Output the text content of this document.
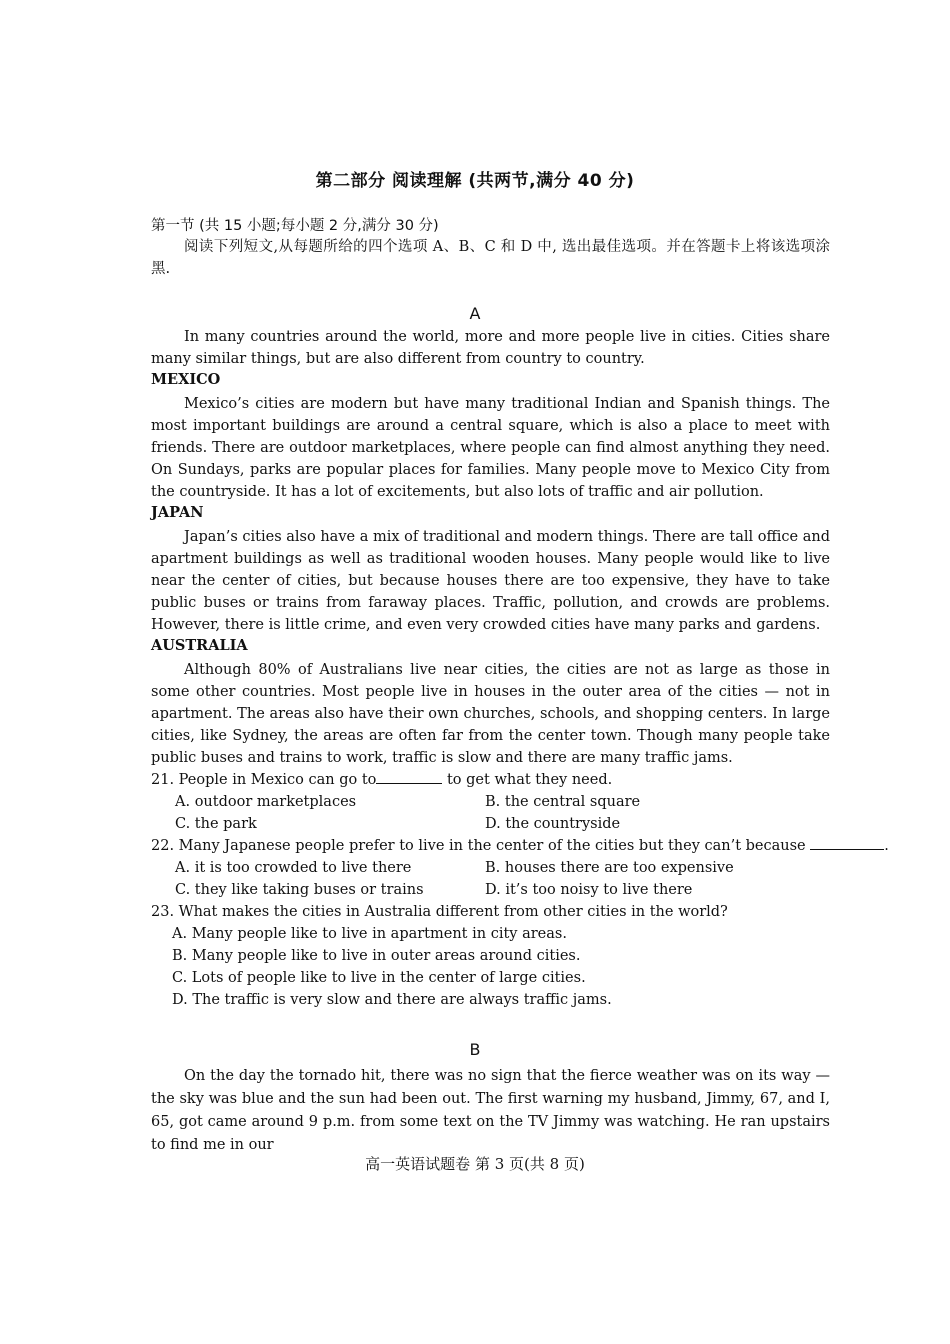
第二部分 阅读理解 (共两节,满分 40 分)
第一节 (共 15 小题;每小题 2 分,满分 30 分)
阅读下列短文,从每题所给的四个选项 A、B、C 和 D 中, 选出最佳选项。并在答题卡上将该选项涂黑.
A
In many countries around the world, more and more people live in cities. Cities share many similar things, but are also different from country to country.
MEXICO
Mexico’s cities are modern but have many traditional Indian and Spanish things. The most important buildings are around a central square, which is also a place to meet with friends. There are outdoor marketplaces, where people can find almost anything they need. On Sundays, parks are popular places for families. Many people move to Mexico City from the countryside. It has a lot of excitements, but also lots of traffic and air pollution.
JAPAN
Japan’s cities also have a mix of traditional and modern things. There are tall office and apartment buildings as well as traditional wooden houses. Many people would like to live near the center of cities, but because houses there are too expensive, they have to take public buses or trains from faraway places. Traffic, pollution, and crowds are problems. However, there is little crime, and even very crowded cities have many parks and gardens.
AUSTRALIA
Although 80% of Australians live near cities, the cities are not as large as those in some other countries. Most people live in houses in the outer area of the cities — not in apartment. The areas also have their own churches, schools, and shopping centers. In large cities, like Sydney, the areas are often far from the center town. Though many people take public buses and trains to work, traffic is slow and there are many traffic jams.
21. People in Mexico can go to	to get what they need.
A. outdoor marketplaces	B. the central square
C. the park	D. the countryside
22. Many Japanese people prefer to live in the center of the cities but they can’t because	.
A. it is too crowded to live there	B. houses there are too expensive
C. they like taking buses or trains	D. it’s too noisy to live there
23. What makes the cities in Australia different from other cities in the world?
A. Many people like to live in apartment in city areas.
B. Many people like to live in outer areas around cities.
C. Lots of people like to live in the center of large cities.
D. The traffic is very slow and there are always traffic jams.
B
On the day the tornado hit, there was no sign that the fierce weather was on its way — the sky was blue and the sun had been out. The first warning my husband, Jimmy, 67, and I, 65, got came around 9 p.m. from some text on the TV Jimmy was watching. He ran upstairs to find me in our
高一英语试题卷 第 3 页(共 8 页)
